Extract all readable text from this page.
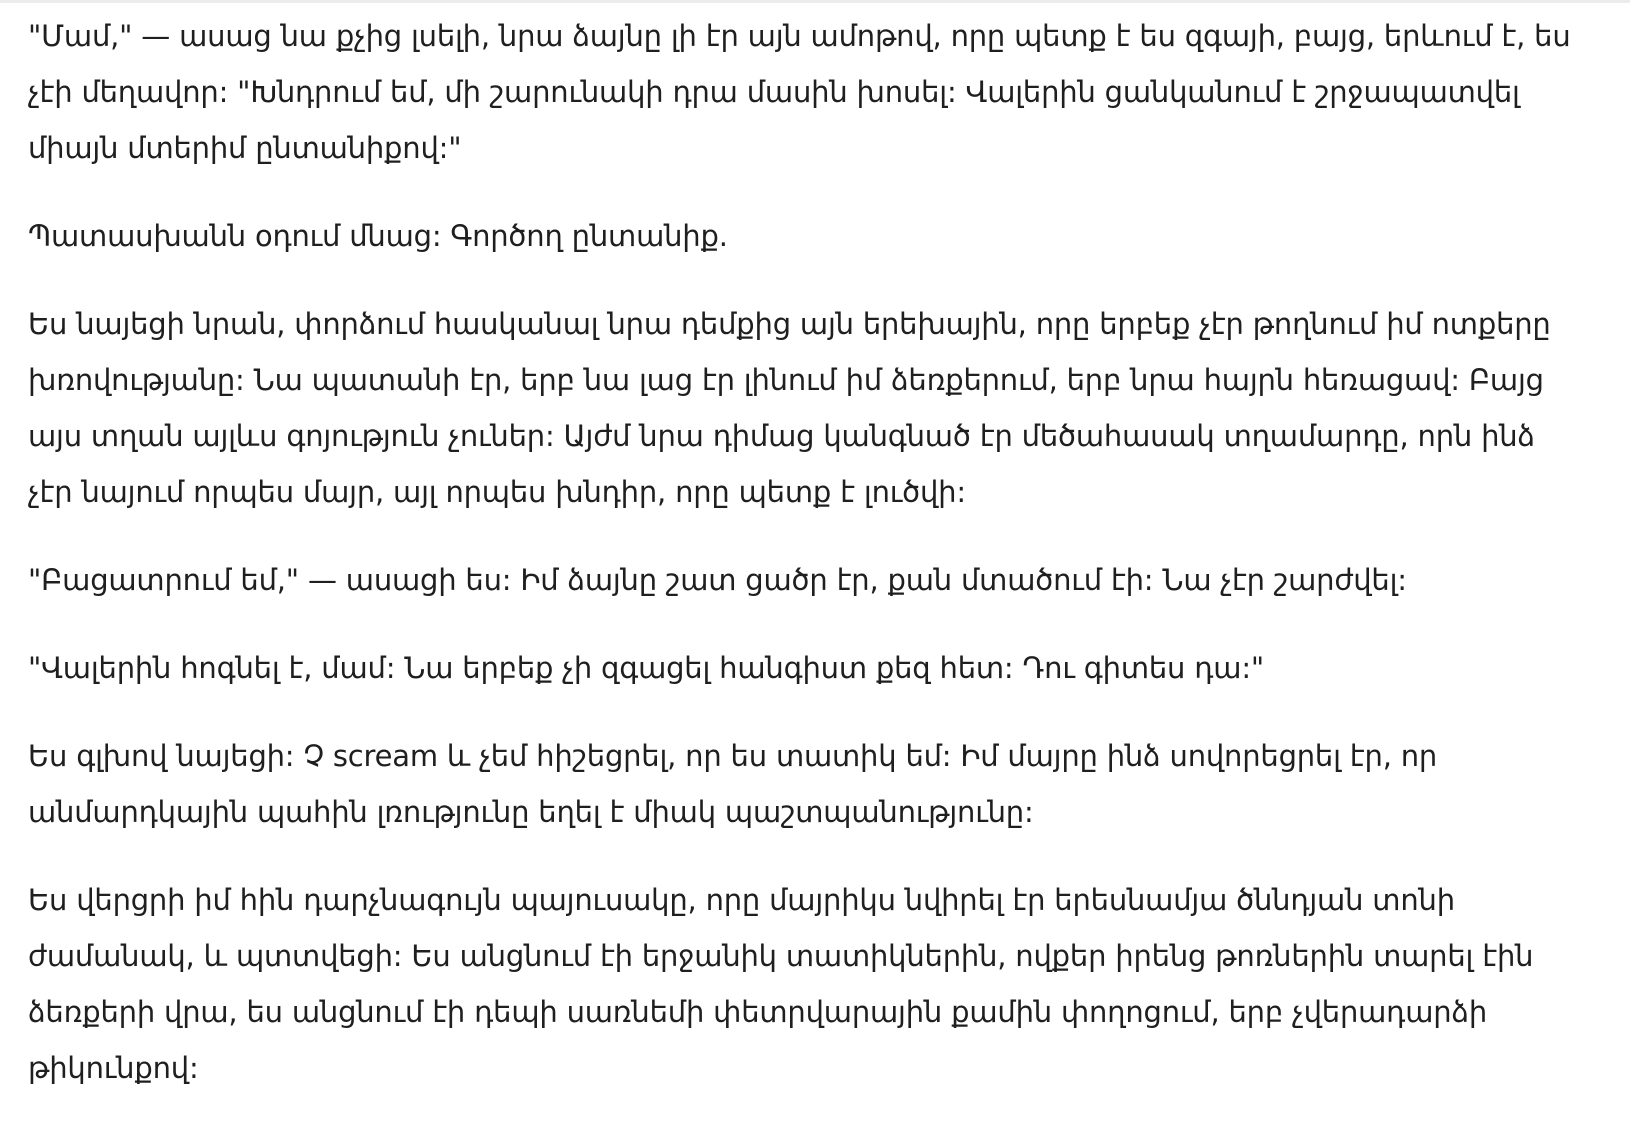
"Մամ," — ասաց նա քչից լսելի, նրա ձայնը լի էր այն ամոթով, որը պետք է ես զգայի, բայց, երևում է, ես չէի մեղավոր: "Խնդրում եմ, մի շարունակի դրա մասին խոսել: Վալերին ցանկանում է շրջապատվել միայն մտերիմ ընտանիքով:"

Պատասխանն օդում մնաց: Գործող ընտանիք.

Ես նայեցի նրան, փորձում հասկանալ նրա դեմքից այն երեխային, որը երբեք չէր թողնում իմ ոտքերը խռովությանը: Նա պատանի էր, երբ նա լաց էր լինում իմ ձեռքերում, երբ նրա հայրն հեռացավ: Բայց այս տղան այլևս գոյություն չուներ: Այժմ նրա դիմաց կանգնած էր մեծահասակ տղամարդը, որն ինձ չէր նայում որպես մայր, այլ որպես խնդիր, որը պետք է լուծվի:

"Բացատրում եմ," — ասացի ես: Իմ ձայնը շատ ցածր էր, քան մտածում էի: Նա չէր շարժվել:

"Վալերին հոգնել է, մամ: Նա երբեք չի զգացել հանգիստ քեզ հետ: Դու գիտես դա:"

Ես գլխով նայեցի: Չ scream և չեմ հիշեցրել, որ ես տատիկ եմ: Իմ մայրը ինձ սովորեցրել էր, որ անմարդկային պահին լռությունը եղել է միակ պաշտպանությունը:

Ես վերցրի իմ հին դարչնագույն պայուսակը, որը մայրիկս նվիրել էր երեսնամյա ծննդյան տոնի ժամանակ, և պտտվեցի: Ես անցնում էի երջանիկ տատիկներին, ովքեր իրենց թոռներին տարել էին ձեռքերի վրա, ես անցնում էի դեպի սառնեմի փետրվարային քամին փողոցում, երբ չվերադարձի թիկունքով:
